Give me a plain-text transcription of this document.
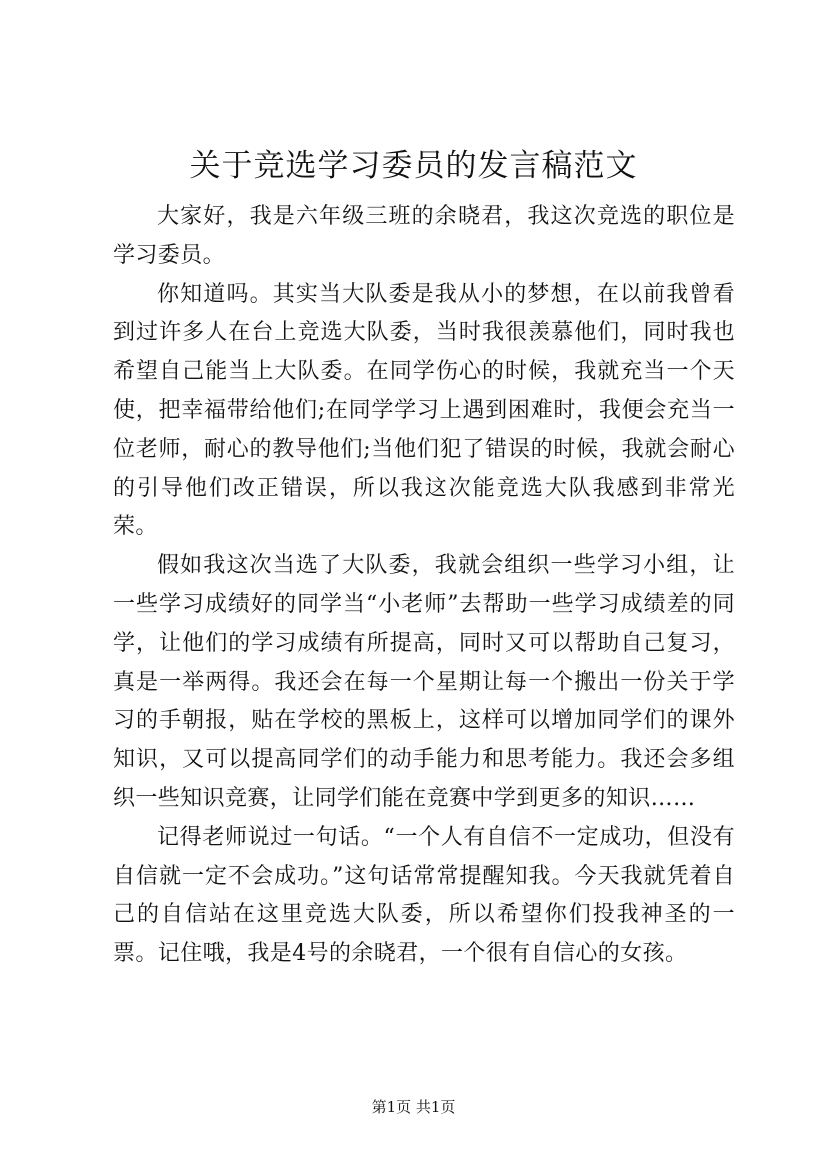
关于竞选学习委员的发言稿范文

大家好，我是六年级三班的余晓君，我这次竞选的职位是学习委员。

你知道吗。其实当大队委是我从小的梦想，在以前我曾看到过许多人在台上竞选大队委，当时我很羡慕他们，同时我也希望自己能当上大队委。在同学伤心的时候，我就充当一个天使，把幸福带给他们;在同学学习上遇到困难时，我便会充当一位老师，耐心的教导他们;当他们犯了错误的时候，我就会耐心的引导他们改正错误，所以我这次能竞选大队我感到非常光荣。

假如我这次当选了大队委，我就会组织一些学习小组，让一些学习成绩好的同学当“小老师”去帮助一些学习成绩差的同学，让他们的学习成绩有所提高，同时又可以帮助自己复习，真是一举两得。我还会在每一个星期让每一个搬出一份关于学习的手朝报，贴在学校的黑板上，这样可以增加同学们的课外知识，又可以提高同学们的动手能力和思考能力。我还会多组织一些知识竞赛，让同学们能在竞赛中学到更多的知识……

记得老师说过一句话。“一个人有自信不一定成功，但没有自信就一定不会成功。”这句话常常提醒知我。今天我就凭着自己的自信站在这里竞选大队委，所以希望你们投我神圣的一票。记住哦，我是4号的余晓君，一个很有自信心的女孩。

第1页 共1页
